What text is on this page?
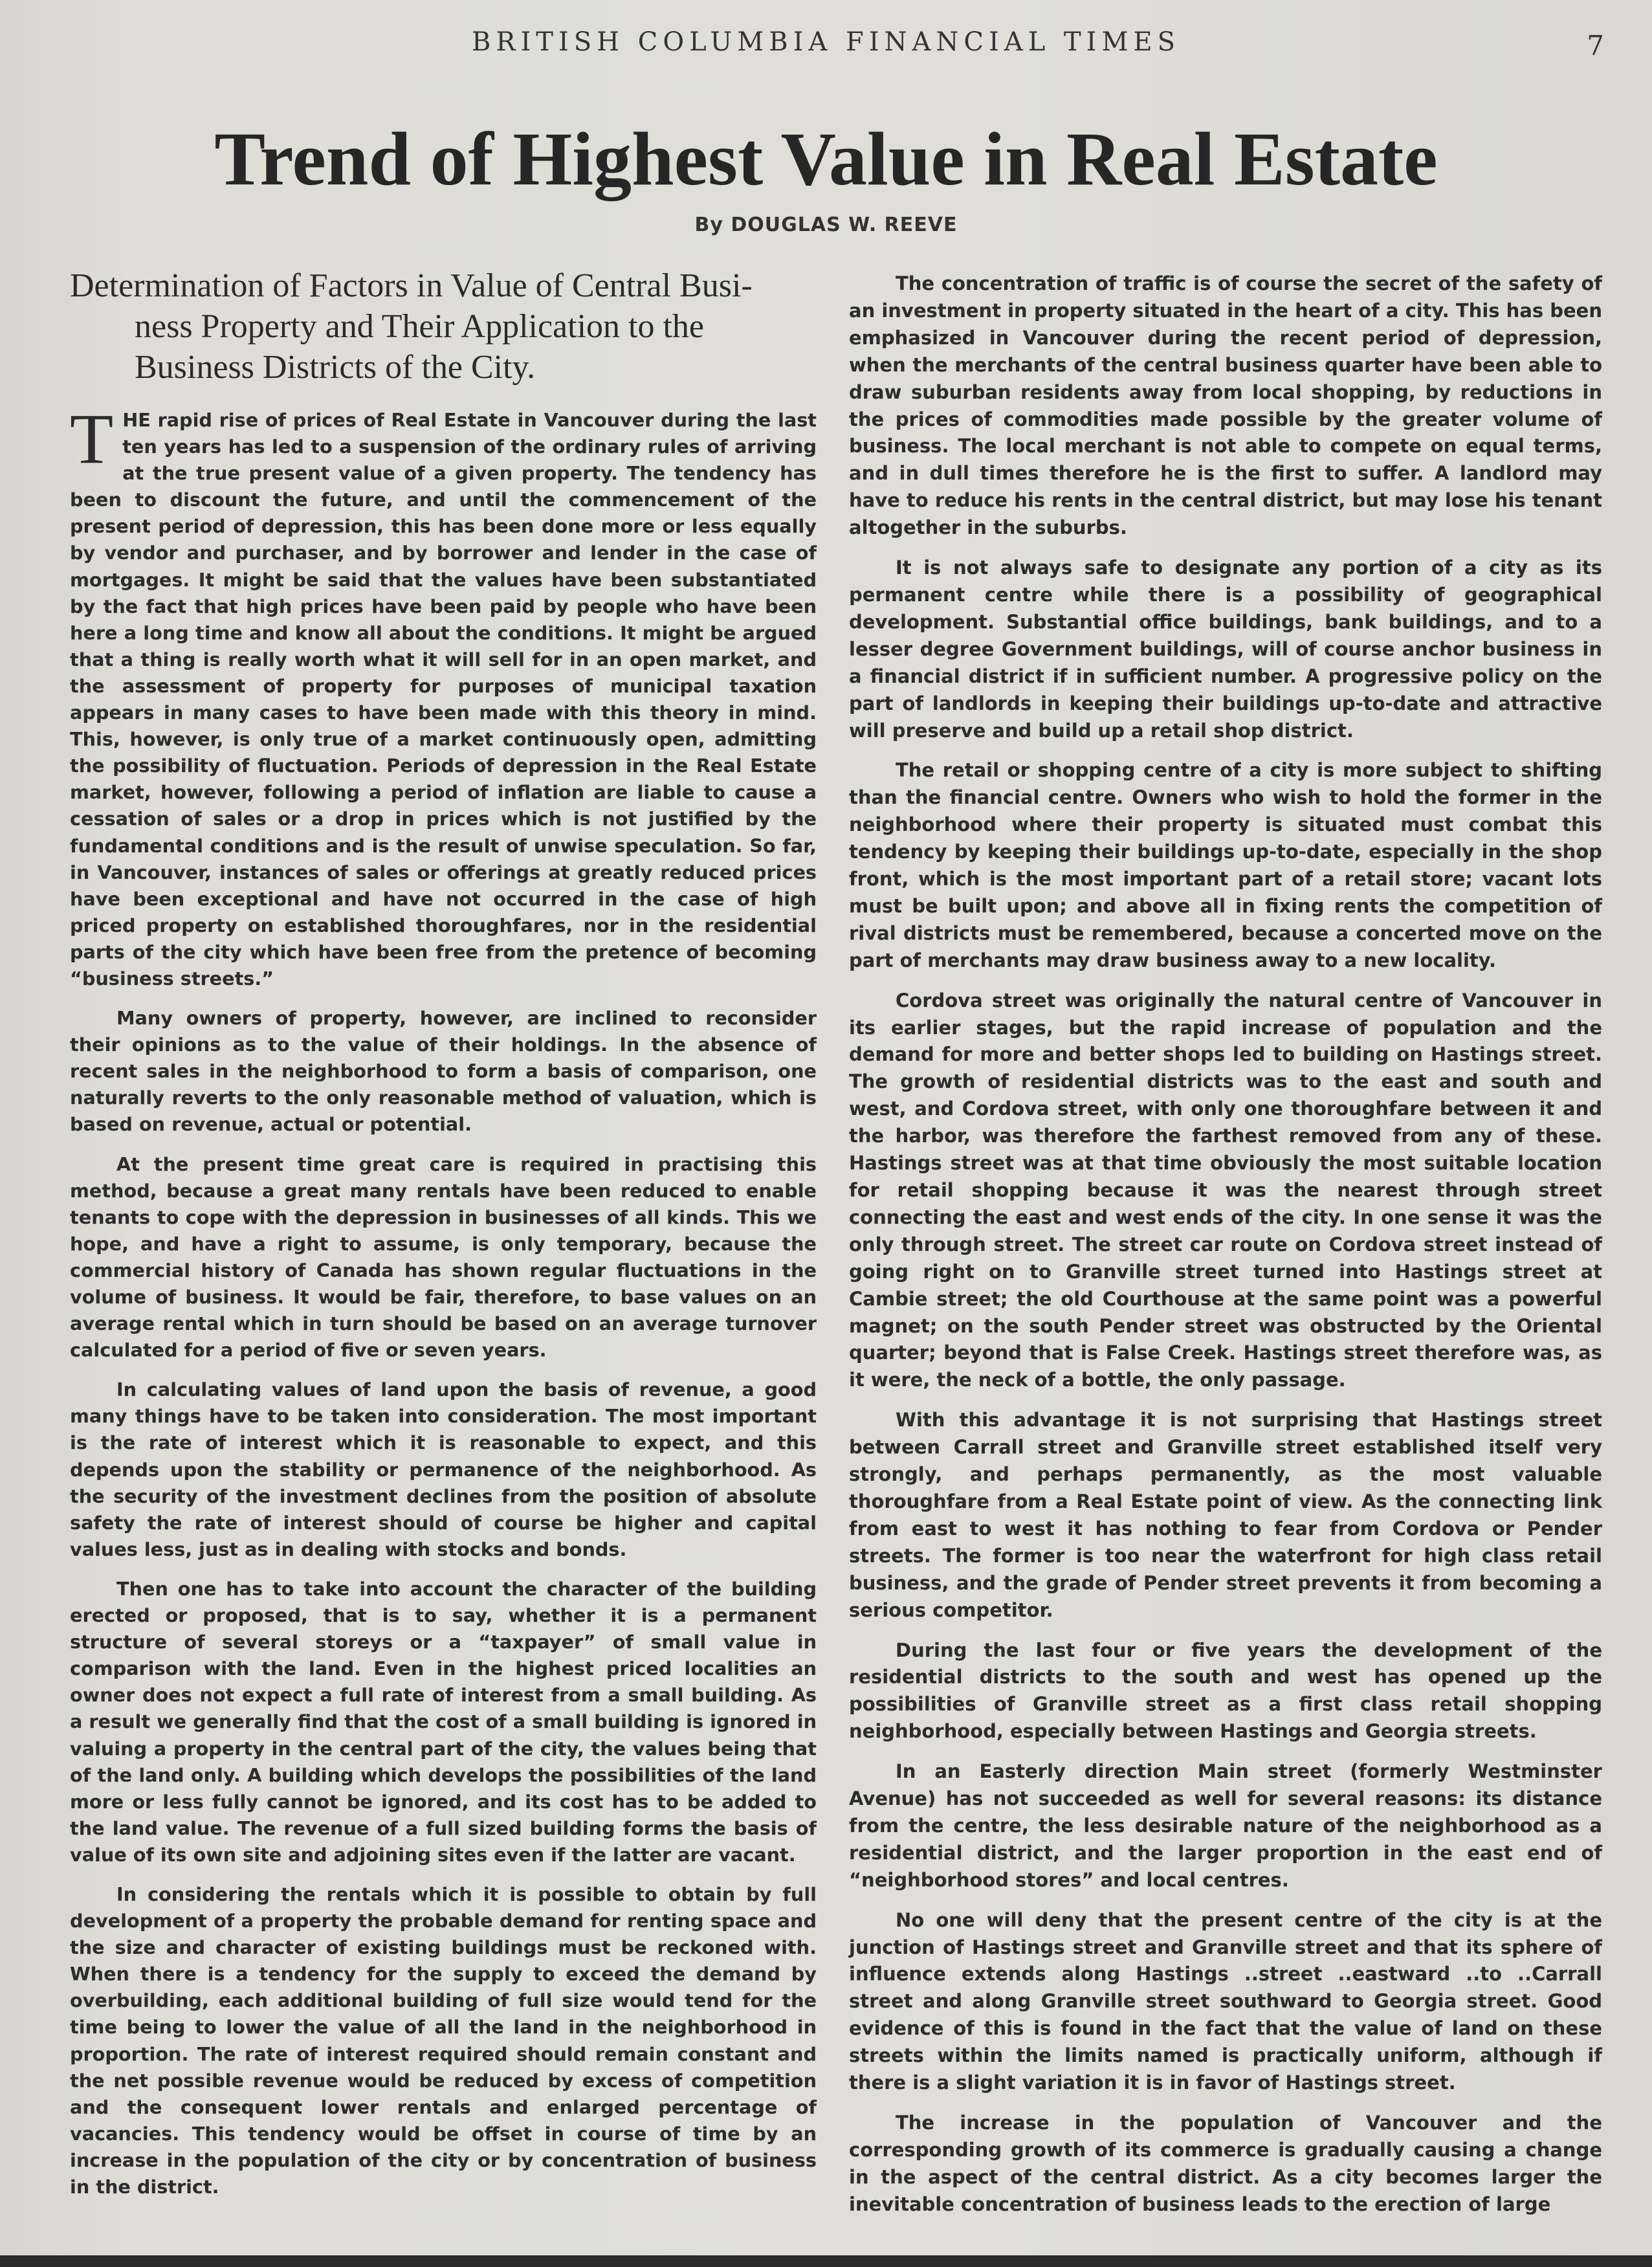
BRITISH COLUMBIA FINANCIAL TIMES	7
Trend of Highest Value in Real Estate
By DOUGLAS W. REEVE
Determination of Factors in Value of Central Busi-
ness Property and Their Application to the Business Districts of the City.

THE rapid rise of prices of Real Estate in Vancouver during the last ten years has led to a suspension of the ordinary rules of arriving at the true present value of a given property. The tendency has been to discount the future, and until the commencement of the present period of depression, this has been done more or less equally by vendor and purchaser, and by borrower and lender in the case of mortgages. It might be said that the values have been substantiated by the fact that high prices have been paid by people who have been here a long time and know all about the conditions. It might be argued that a thing is really worth what it will sell for in an open market, and the assessment of property for purposes of municipal taxation appears in many cases to have been made with this theory in mind. This, however, is only true of a market continuously open, admitting the possibility of fluctuation. Periods of depression in the Real Estate market, however, following a period of inflation are liable to cause a cessation of sales or a drop in prices which is not justified by the fundamental conditions and is the result of unwise speculation. So far, in Vancouver, instances of sales or offerings at greatly reduced prices have been exceptional and have not occurred in the case of high priced property on established thoroughfares, nor in the residential parts of the city which have been free from the pretence of becoming “business streets.”

Many owners of property, however, are inclined to reconsider their opinions as to the value of their holdings. In the absence of recent sales in the neighborhood to form a basis of comparison, one naturally reverts to the only reasonable method of valuation, which is based on revenue, actual or potential.

At the present time great care is required in practising this method, because a great many rentals have been reduced to enable tenants to cope with the depression in businesses of all kinds. This we hope, and have a right to assume, is only temporary, because the commercial history of Canada has shown regular fluctuations in the volume of business. It would be fair, therefore, to base values on an average rental which in turn should be based on an average turnover calculated for a period of five or seven years.

In calculating values of land upon the basis of revenue, a good many things have to be taken into consideration. The most important is the rate of interest which it is reasonable to expect, and this depends upon the stability or permanence of the neighborhood. As the security of the investment declines from the position of absolute safety the rate of interest should of course be higher and capital values less, just as in dealing with stocks and bonds.

Then one has to take into account the character of the building erected or proposed, that is to say, whether it is a permanent structure of several storeys or a “taxpayer” of small value in comparison with the land. Even in the highest priced localities an owner does not expect a full rate of interest from a small building. As a result we generally find that the cost of a small building is ignored in valuing a property in the central part of the city, the values being that of the land only. A building which develops the possibilities of the land more or less fully cannot be ignored, and its cost has to be added to the land value. The revenue of a full sized building forms the basis of value of its own site and adjoining sites even if the latter are vacant.

In considering the rentals which it is possible to obtain by full development of a property the probable demand for renting space and the size and character of existing buildings must be reckoned with. When there is a tendency for the supply to exceed the demand by overbuilding, each additional building of full size would tend for the time being to lower the value of all the land in the neighborhood in proportion. The rate of interest required should remain constant and the net possible revenue would be reduced by excess of competition and the consequent lower rentals and enlarged percentage of vacancies. This tendency would be offset in course of time by an increase in the population of the city or by concentration of business in the district.

The concentration of traffic is of course the secret of the safety of an investment in property situated in the heart of a city. This has been emphasized in Vancouver during the recent period of depression, when the merchants of the central business quarter have been able to draw suburban residents away from local shopping, by reductions in the prices of commodities made possible by the greater volume of business. The local merchant is not able to compete on equal terms, and in dull times therefore he is the first to suffer. A landlord may have to reduce his rents in the central district, but may lose his tenant altogether in the suburbs.

It is not always safe to designate any portion of a city as its permanent centre while there is a possibility of geographical development. Substantial office buildings, bank buildings, and to a lesser degree Government buildings, will of course anchor business in a financial district if in sufficient number. A progressive policy on the part of landlords in keeping their buildings up-to-date and attractive will preserve and build up a retail shop district.

The retail or shopping centre of a city is more subject to shifting than the financial centre. Owners who wish to hold the former in the neighborhood where their property is situated must combat this tendency by keeping their buildings up-to-date, especially in the shop front, which is the most important part of a retail store; vacant lots must be built upon; and above all in fixing rents the competition of rival districts must be remembered, because a concerted move on the part of merchants may draw business away to a new locality.

Cordova street was originally the natural centre of Vancouver in its earlier stages, but the rapid increase of population and the demand for more and better shops led to building on Hastings street. The growth of residential districts was to the east and south and west, and Cordova street, with only one thoroughfare between it and the harbor, was therefore the farthest removed from any of these. Hastings street was at that time obviously the most suitable location for retail shopping because it was the nearest through street connecting the east and west ends of the city. In one sense it was the only through street. The street car route on Cordova street instead of going right on to Granville street turned into Hastings street at Cambie street; the old Courthouse at the same point was a powerful magnet; on the south Pender street was obstructed by the Oriental quarter; beyond that is False Creek. Hastings street therefore was, as it were, the neck of a bottle, the only passage.

With this advantage it is not surprising that Hastings street between Carrall street and Granville street established itself very strongly, and perhaps permanently, as the most valuable thoroughfare from a Real Estate point of view. As the connecting link from east to west it has nothing to fear from Cordova or Pender streets. The former is too near the waterfront for high class retail business, and the grade of Pender street prevents it from becoming a serious competitor.

During the last four or five years the development of the residential districts to the south and west has opened up the possibilities of Granville street as a first class retail shopping neighborhood, especially between Hastings and Georgia streets.

In an Easterly direction Main street (formerly Westminster Avenue) has not succeeded as well for several reasons: its distance from the centre, the less desirable nature of the neighborhood as a residential district, and the larger proportion in the east end of “neighborhood stores” and local centres.

No one will deny that the present centre of the city is at the junction of Hastings street and Granville street and that its sphere of influence extends along Hastings ..street ..eastward ..to ..Carrall street and along Granville street southward to Georgia street. Good evidence of this is found in the fact that the value of land on these streets within the limits named is practically uniform, although if there is a slight variation it is in favor of Hastings street.

The increase in the population of Vancouver and the corresponding growth of its commerce is gradually causing a change in the aspect of the central district. As a city becomes larger the inevitable concentration of business leads to the erection of large
